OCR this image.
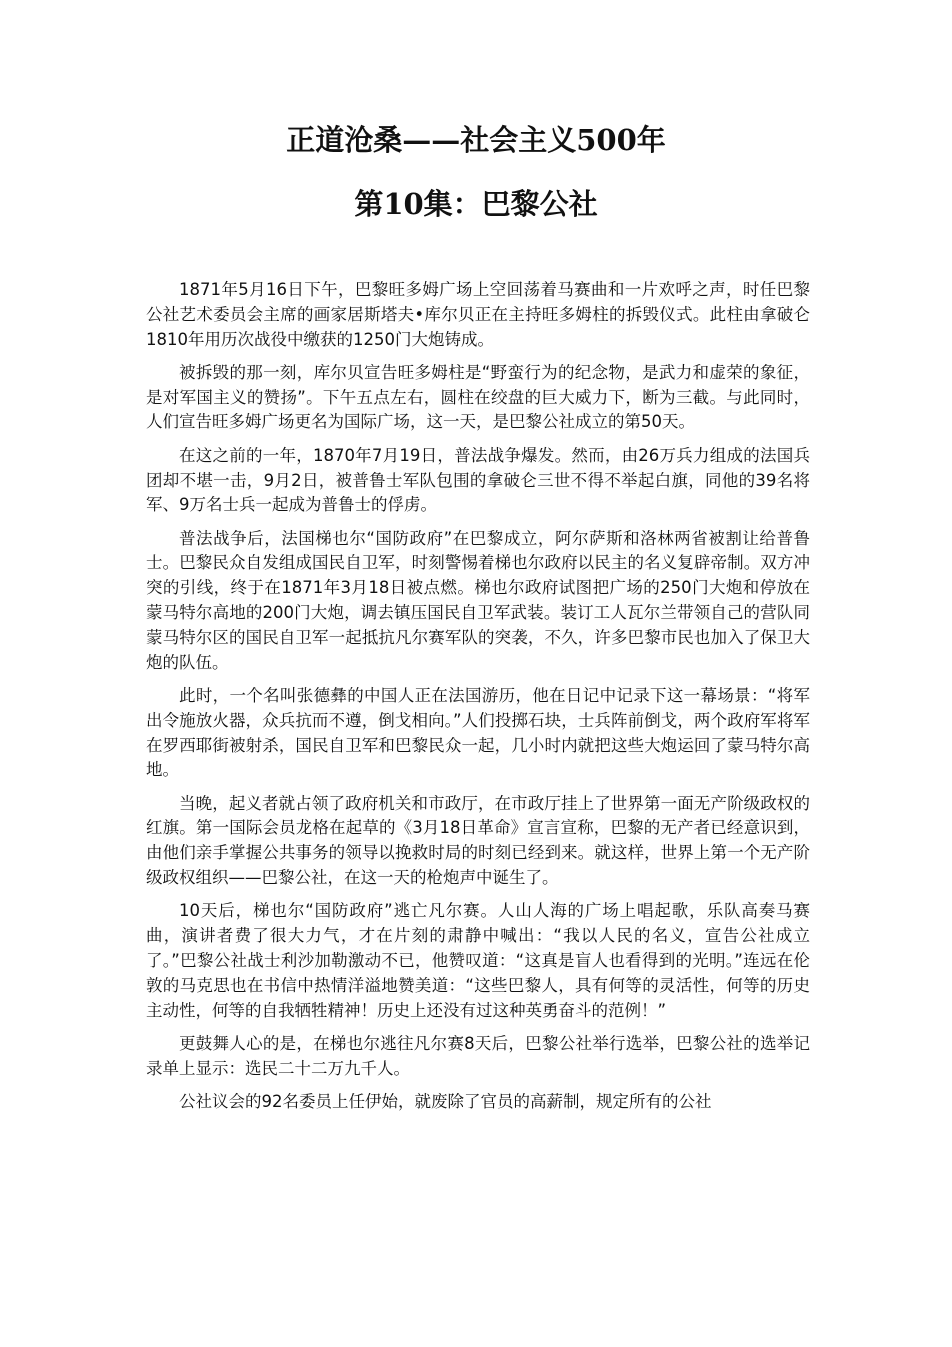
正道沧桑——社会主义500年
第10集：巴黎公社

1871年5月16日下午，巴黎旺多姆广场上空回荡着马赛曲和一片欢呼之声，时任巴黎公社艺术委员会主席的画家居斯塔夫•库尔贝正在主持旺多姆柱的拆毁仪式。此柱由拿破仑1810年用历次战役中缴获的1250门大炮铸成。

被拆毁的那一刻，库尔贝宣告旺多姆柱是“野蛮行为的纪念物，是武力和虚荣的象征，是对军国主义的赞扬”。下午五点左右，圆柱在绞盘的巨大威力下，断为三截。与此同时，人们宣告旺多姆广场更名为国际广场，这一天，是巴黎公社成立的第50天。

在这之前的一年，1870年7月19日，普法战争爆发。然而，由26万兵力组成的法国兵团却不堪一击，9月2日，被普鲁士军队包围的拿破仑三世不得不举起白旗，同他的39名将军、9万名士兵一起成为普鲁士的俘虏。

普法战争后，法国梯也尔“国防政府”在巴黎成立，阿尔萨斯和洛林两省被割让给普鲁士。巴黎民众自发组成国民自卫军，时刻警惕着梯也尔政府以民主的名义复辟帝制。双方冲突的引线，终于在1871年3月18日被点燃。梯也尔政府试图把广场的250门大炮和停放在蒙马特尔高地的200门大炮，调去镇压国民自卫军武装。装订工人瓦尔兰带领自己的营队同蒙马特尔区的国民自卫军一起抵抗凡尔赛军队的突袭，不久，许多巴黎市民也加入了保卫大炮的队伍。

此时，一个名叫张德彝的中国人正在法国游历，他在日记中记录下这一幕场景：“将军出令施放火器，众兵抗而不遵，倒戈相向。”人们投掷石块，士兵阵前倒戈，两个政府军将军在罗西耶街被射杀，国民自卫军和巴黎民众一起，几小时内就把这些大炮运回了蒙马特尔高地。

当晚，起义者就占领了政府机关和市政厅，在市政厅挂上了世界第一面无产阶级政权的红旗。第一国际会员龙格在起草的《3月18日革命》宣言宣称，巴黎的无产者已经意识到，由他们亲手掌握公共事务的领导以挽救时局的时刻已经到来。就这样，世界上第一个无产阶级政权组织——巴黎公社，在这一天的枪炮声中诞生了。

10天后，梯也尔“国防政府”逃亡凡尔赛。人山人海的广场上唱起歌，乐队高奏马赛曲，演讲者费了很大力气，才在片刻的肃静中喊出：“我以人民的名义，宣告公社成立了。”巴黎公社战士利沙加勒激动不已，他赞叹道：“这真是盲人也看得到的光明。”连远在伦敦的马克思也在书信中热情洋溢地赞美道：“这些巴黎人，具有何等的灵活性，何等的历史主动性，何等的自我牺牲精神！历史上还没有过这种英勇奋斗的范例！”

更鼓舞人心的是，在梯也尔逃往凡尔赛8天后，巴黎公社举行选举，巴黎公社的选举记录单上显示：选民二十二万九千人。

公社议会的92名委员上任伊始，就废除了官员的高薪制，规定所有的公社
